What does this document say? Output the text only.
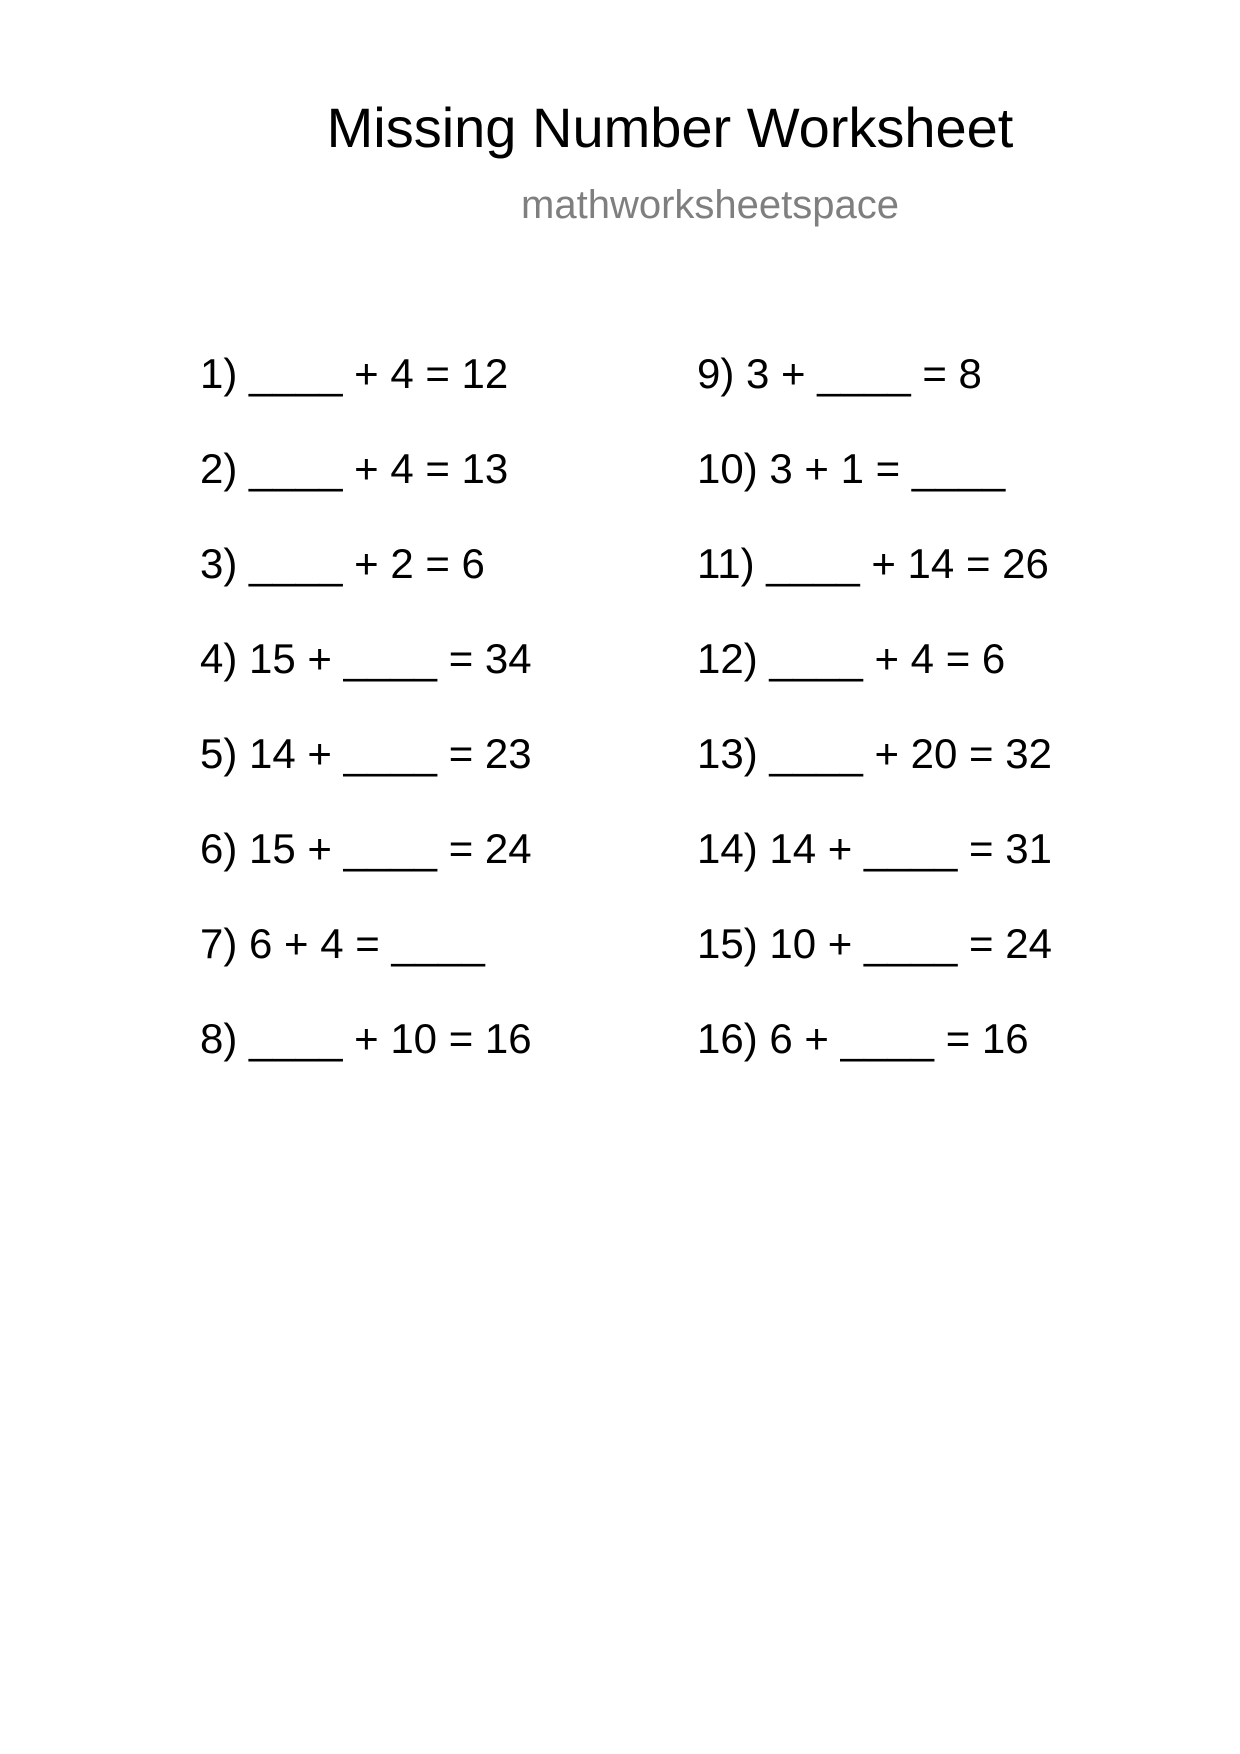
Missing Number Worksheet
mathworksheetspace
1) ____ + 4 = 12
2) ____ + 4 = 13
3) ____ + 2 = 6
4) 15 + ____ = 34
5) 14 + ____ = 23
6) 15 + ____ = 24
7) 6 + 4 = ____
8) ____ + 10 = 16
9) 3 + ____ = 8
10) 3 + 1 = ____
11) ____ + 14 = 26
12) ____ + 4 = 6
13) ____ + 20 = 32
14) 14 + ____ = 31
15) 10 + ____ = 24
16) 6 + ____ = 16
